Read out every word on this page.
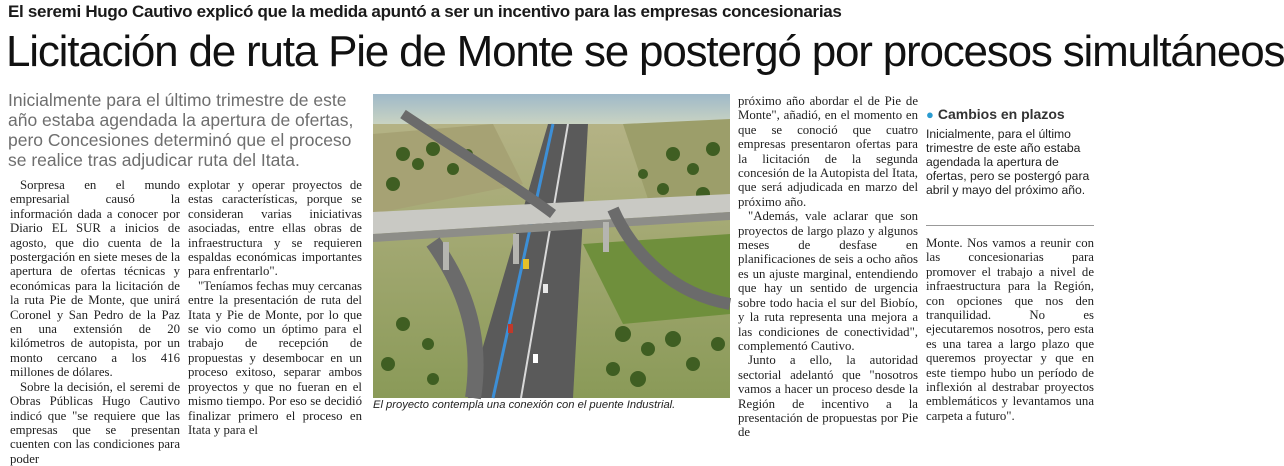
El seremi Hugo Cautivo explicó que la medida apuntó a ser un incentivo para las empresas concesionarias
Licitación de ruta Pie de Monte se postergó por procesos simultáneos

Inicialmente para el último trimestre de este año estaba agendada la apertura de ofertas, pero Concesiones determinó que el proceso se realice tras adjudicar ruta del Itata.

Sorpresa en el mundo empresarial causó la información dada a conocer por Diario EL SUR a inicios de agosto, que dio cuenta de la postergación en siete meses de la apertura de ofertas técnicas y económicas para la licitación de la ruta Pie de Monte, que unirá Coronel y San Pedro de la Paz en una extensión de 20 kilómetros de autopista, por un monto cercano a los 416 millones de dólares.

Sobre la decisión, el seremi de Obras Públicas Hugo Cautivo indicó que "se requiere que las empresas que se presentan cuenten con las condiciones para poder

explotar y operar proyectos de estas características, porque se consideran varias iniciativas asociadas, entre ellas obras de infraestructura y se requieren espaldas económicas importantes para enfrentarlo".

"Teníamos fechas muy cercanas entre la presentación de ruta del Itata y Pie de Monte, por lo que se vio como un óptimo para el trabajo de recepción de propuestas y desembocar en un proceso exitoso, separar ambos proyectos y que no fueran en el mismo tiempo. Por eso se decidió finalizar primero el proceso en Itata y para el

El proyecto contempla una conexión con el puente Industrial.

próximo año abordar el de Pie de Monte", añadió, en el momento en que se conoció que cuatro empresas presentaron ofertas para la licitación de la segunda concesión de la Autopista del Itata, que será adjudicada en marzo del próximo año.

"Además, vale aclarar que son proyectos de largo plazo y algunos meses de desfase en planificaciones de seis a ocho años es un ajuste marginal, entendiendo que hay un sentido de urgencia sobre todo hacia el sur del Biobío, y la ruta representa una mejora a las condiciones de conectividad", complementó Cautivo.

Junto a ello, la autoridad sectorial adelantó que "nosotros vamos a hacer un proceso desde la Región de incentivo a la presentación de propuestas por Pie de

● Cambios en plazos

Inicialmente, para el último trimestre de este año estaba agendada la apertura de ofertas, pero se postergó para abril y mayo del próximo año.

Monte. Nos vamos a reunir con las concesionarias para promover el trabajo a nivel de infraestructura para la Región, con opciones que nos den tranquilidad. No es ejecutaremos nosotros, pero esta es una tarea a largo plazo que queremos proyectar y que en este tiempo hubo un período de inflexión al destrabar proyectos emblemáticos y levantamos una carpeta a futuro".
